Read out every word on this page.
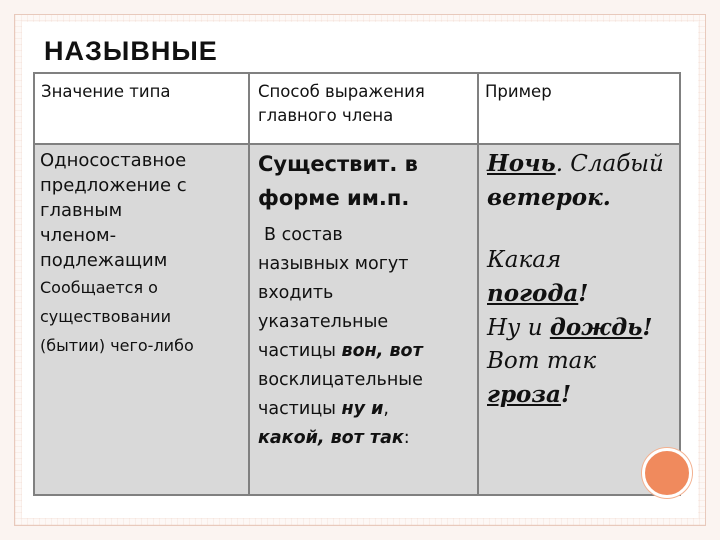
НАЗЫВНЫЕ
Значение типа	Способ выражения
главного члена
Пример
Односоставное
предложение с
главным
членом-
подлежащим
Сообщается о
существовании
(бытии) чего-либо
Существит. в
форме им.п.
В состав
назывных могут
входить
указательные
частицы вон, вот
восклицательные
частицы ну и,
какой, вот так:
Ночь. Слабый
ветерок.
Какая
погода!
Ну и дождь!
Вот так
гроза!
